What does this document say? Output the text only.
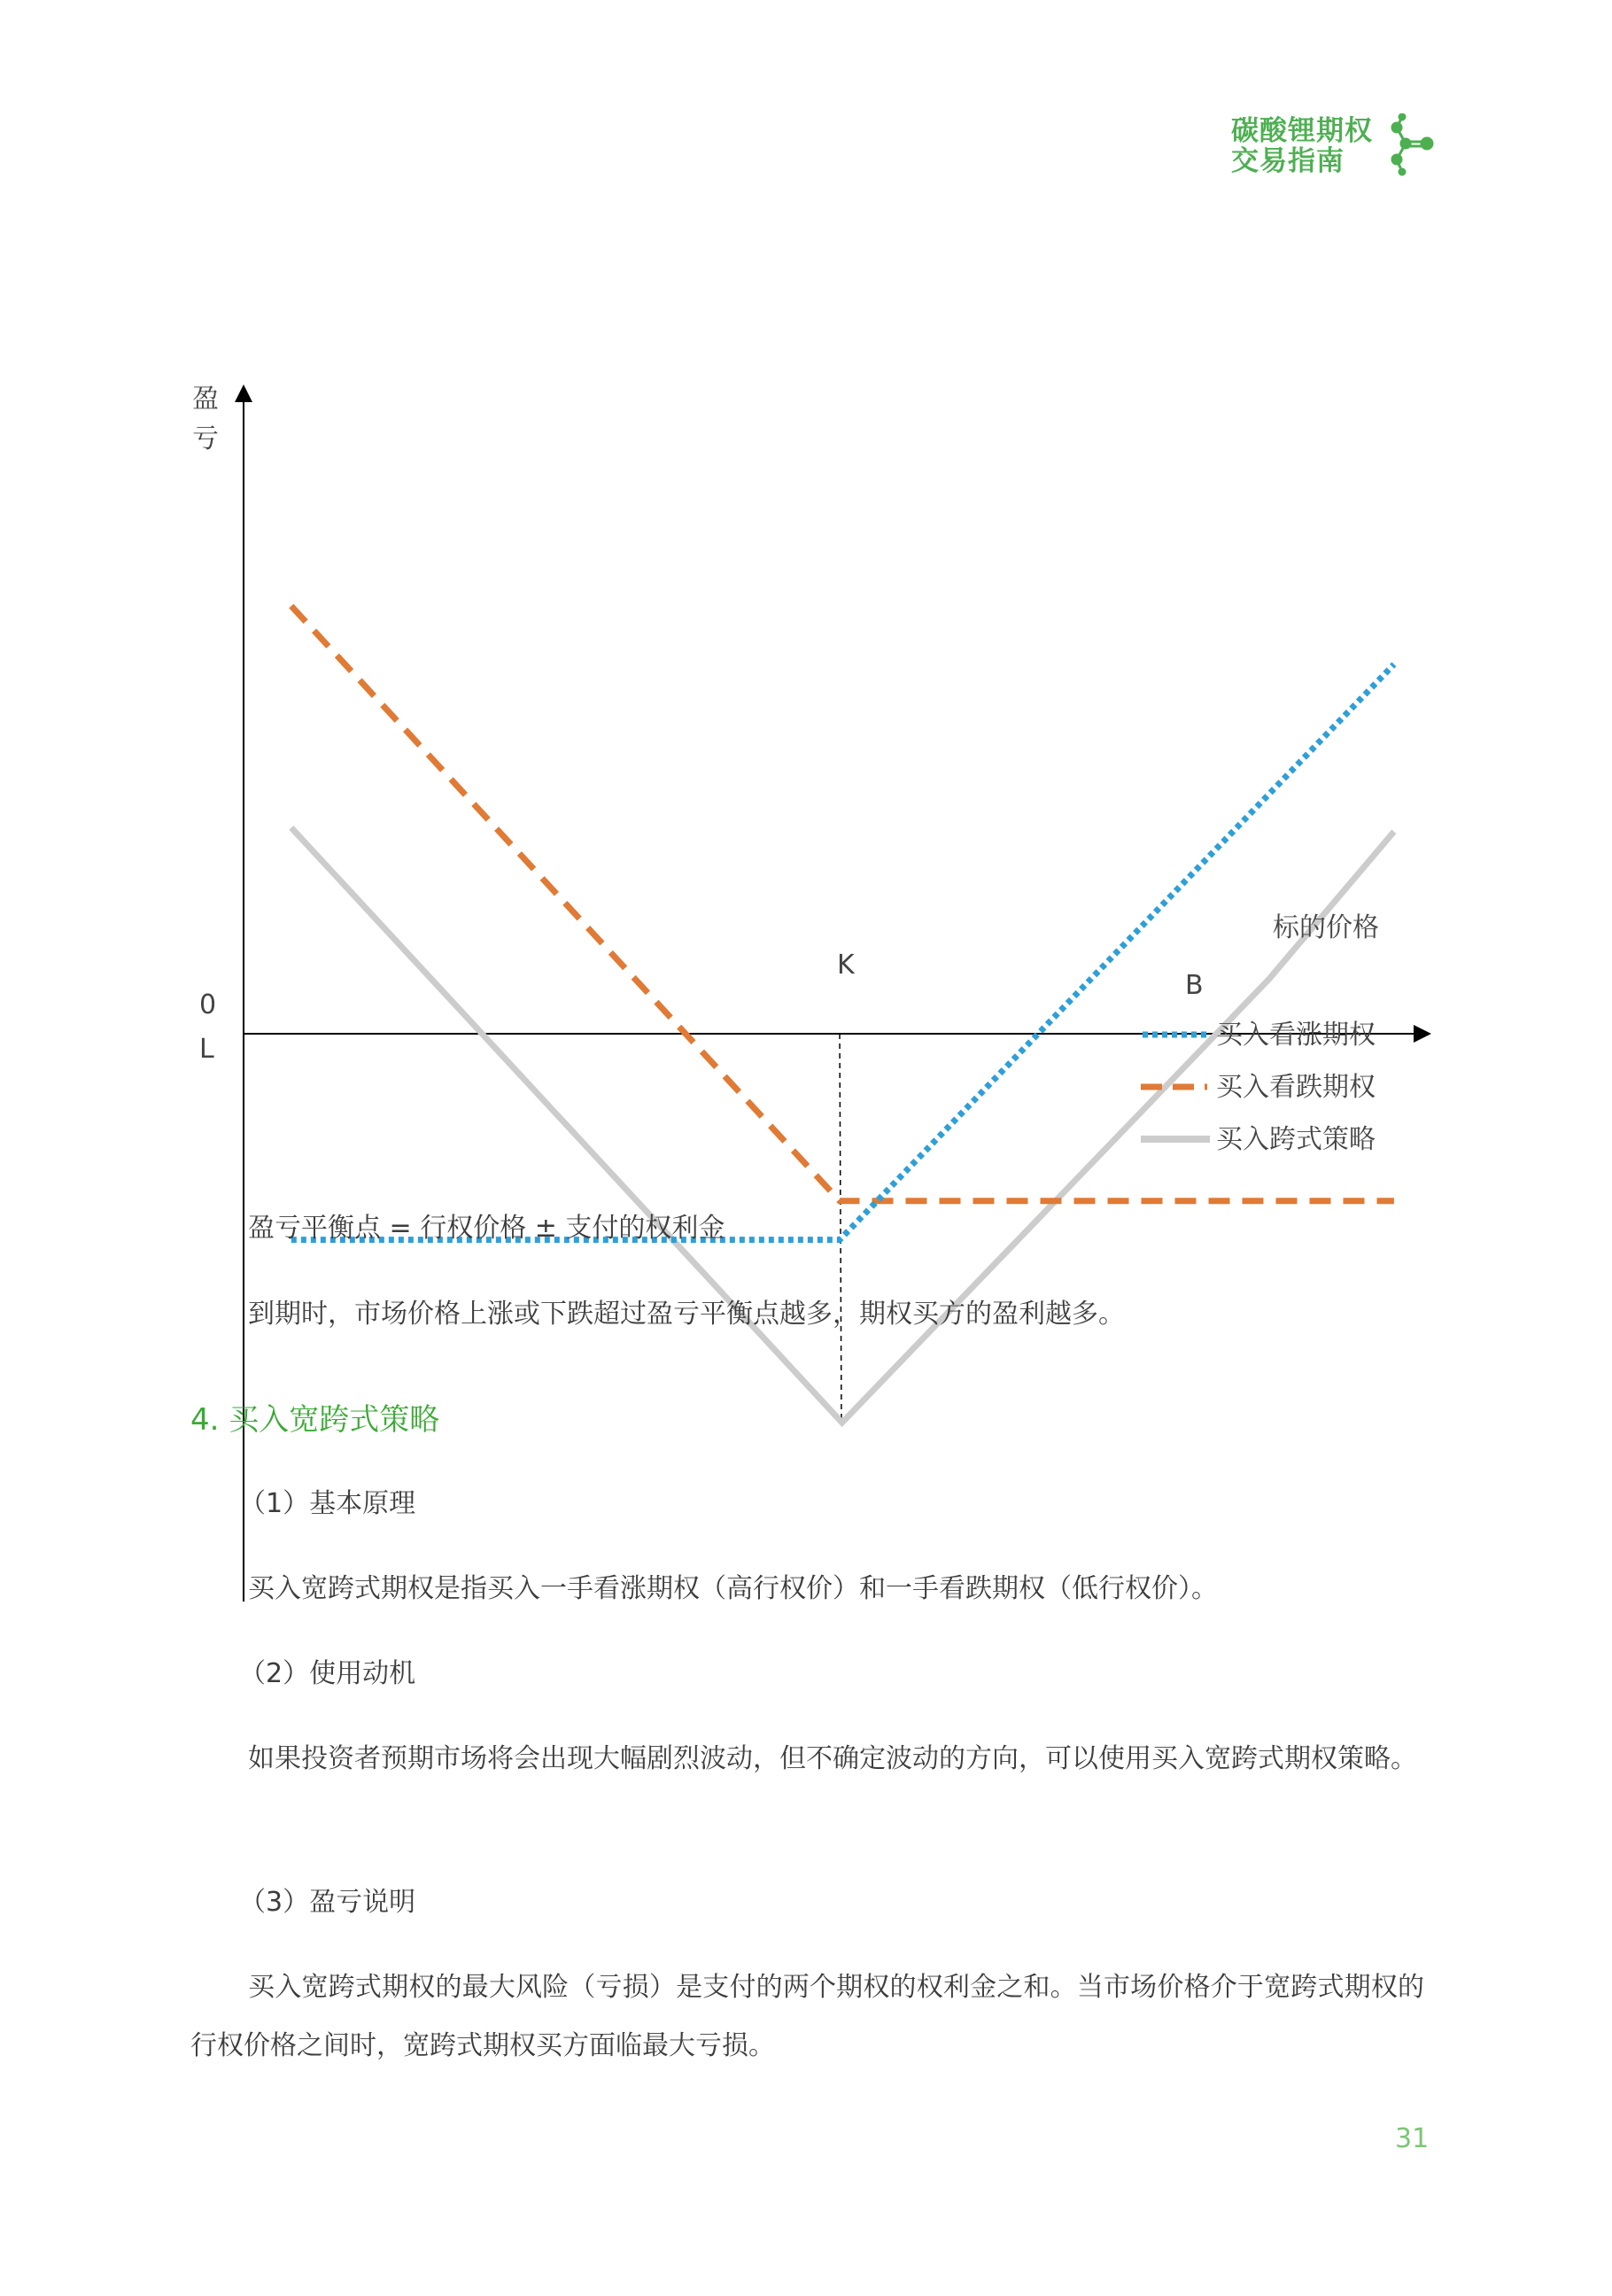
碳酸锂期权
交易指南
盈
亏
0
L
K
B
标的价格
买入看涨期权
买入看跌期权
买入跨式策略
盈亏平衡点 = 行权价格 ± 支付的权利金
到期时，市场价格上涨或下跌超过盈亏平衡点越多，期权买方的盈利越多。
4. 买入宽跨式策略
（1）基本原理
买入宽跨式期权是指买入一手看涨期权（高行权价）和一手看跌期权（低行权价）。
（2）使用动机
如果投资者预期市场将会出现大幅剧烈波动，但不确定波动的方向，可以使用买入宽跨式期权策略。
（3）盈亏说明
买入宽跨式期权的最大风险（亏损）是支付的两个期权的权利金之和。当市场价格介于宽跨式期权的行权价格之间时，宽跨式期权买方面临最大亏损。
31
